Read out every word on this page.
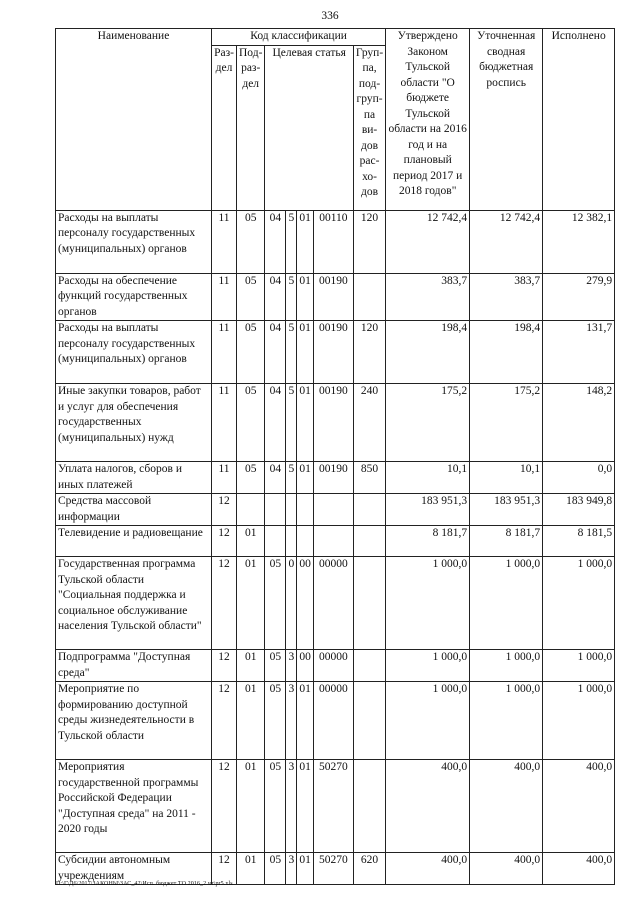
336
Наименование	Код классификации							Утверждено Законом Тульской области "О бюджете Тульской области на 2016 год и на плановый период 2017 и 2018 годов"	Уточненная сводная бюджетная роспись	Исполнено
	Раз-дел	Под-раз-дел	Целевая статья				Груп-па, под-груп-па ви-дов рас-хо-дов			
Расходы на выплаты персоналу государственных (муниципальных) органов	11	05	04	5	01	00110	120	12 742,4	12 742,4	12 382,1
Расходы на обеспечение функций государственных органов	11	05	04	5	01	00190		383,7	383,7	279,9
Расходы на выплаты персоналу государственных (муниципальных) органов	11	05	04	5	01	00190	120	198,4	198,4	131,7
Иные закупки товаров, работ и услуг для обеспечения государственных (муниципальных) нужд	11	05	04	5	01	00190	240	175,2	175,2	148,2
Уплата налогов, сборов и иных платежей	11	05	04	5	01	00190	850	10,1	10,1	0,0
Средства массовой информации	12							183 951,3	183 951,3	183 949,8
Телевидение и радиовещание	12	01						8 181,7	8 181,7	8 181,5
Государственная программа Тульской области "Социальная поддержка и социальное обслуживание населения Тульской области"	12	01	05	0	00	00000		1 000,0	1 000,0	1 000,0
Подпрограмма "Доступная среда"	12	01	05	3	00	00000		1 000,0	1 000,0	1 000,0
Мероприятие по формированию доступной среды жизнедеятельности в Тульской области	12	01	05	3	01	00000		1 000,0	1 000,0	1 000,0
Мероприятия государственной программы Российской Федерации "Доступная среда" на 2011 - 2020 годы	12	01	05	3	01	50270		400,0	400,0	400,0
Субсидии автономным учреждениям	12	01	05	3	01	50270	620	400,0	400,0	400,0
D:\Г\Д6\2017\ЗАКОНЫ\ЗАС_42\Исп. бюджет ТО 2016_2 чт\pr5.xls
